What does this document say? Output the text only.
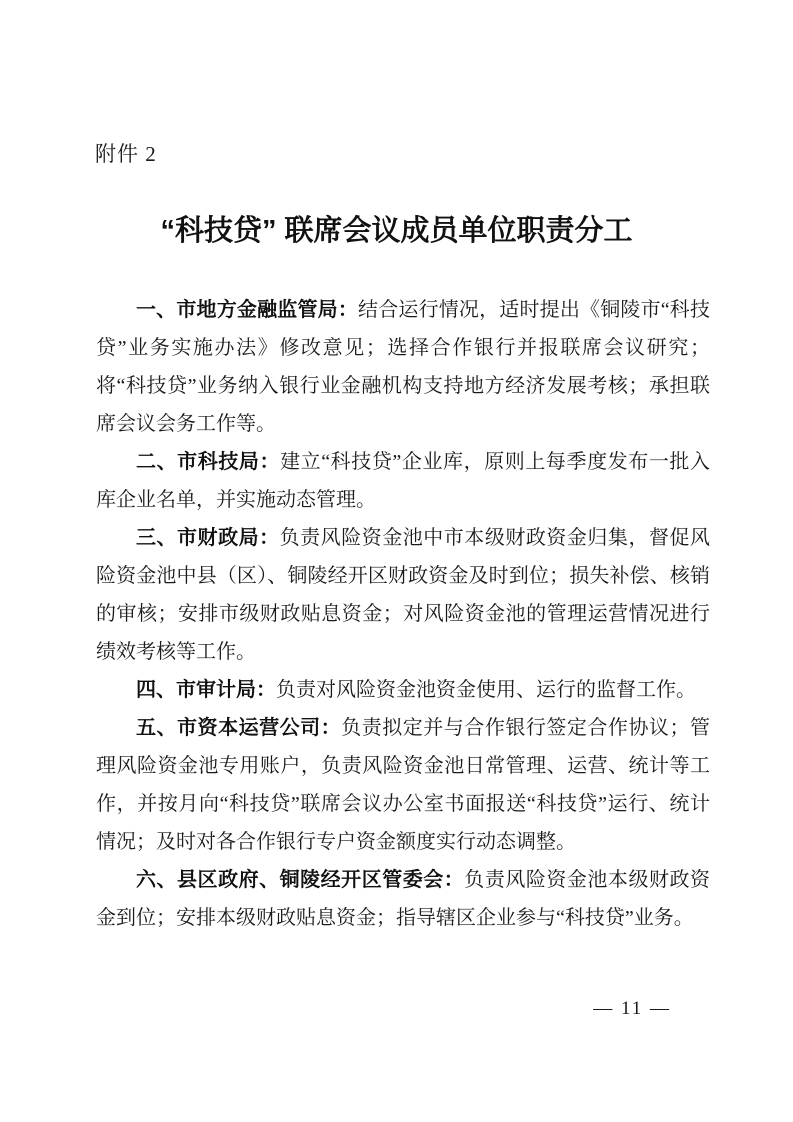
附件 2
“科技贷” 联席会议成员单位职责分工

一、市地方金融监管局：结合运行情况，适时提出《铜陵市“科技贷”业务实施办法》修改意见；选择合作银行并报联席会议研究；将“科技贷”业务纳入银行业金融机构支持地方经济发展考核；承担联席会议会务工作等。

二、市科技局：建立“科技贷”企业库，原则上每季度发布一批入库企业名单，并实施动态管理。

三、市财政局：负责风险资金池中市本级财政资金归集，督促风险资金池中县（区）、铜陵经开区财政资金及时到位；损失补偿、核销的审核；安排市级财政贴息资金；对风险资金池的管理运营情况进行绩效考核等工作。

四、市审计局：负责对风险资金池资金使用、运行的监督工作。

五、市资本运营公司：负责拟定并与合作银行签定合作协议；管理风险资金池专用账户，负责风险资金池日常管理、运营、统计等工作，并按月向“科技贷”联席会议办公室书面报送“科技贷”运行、统计情况；及时对各合作银行专户资金额度实行动态调整。

六、县区政府、铜陵经开区管委会：负责风险资金池本级财政资金到位；安排本级财政贴息资金；指导辖区企业参与“科技贷”业务。

— 11 —
